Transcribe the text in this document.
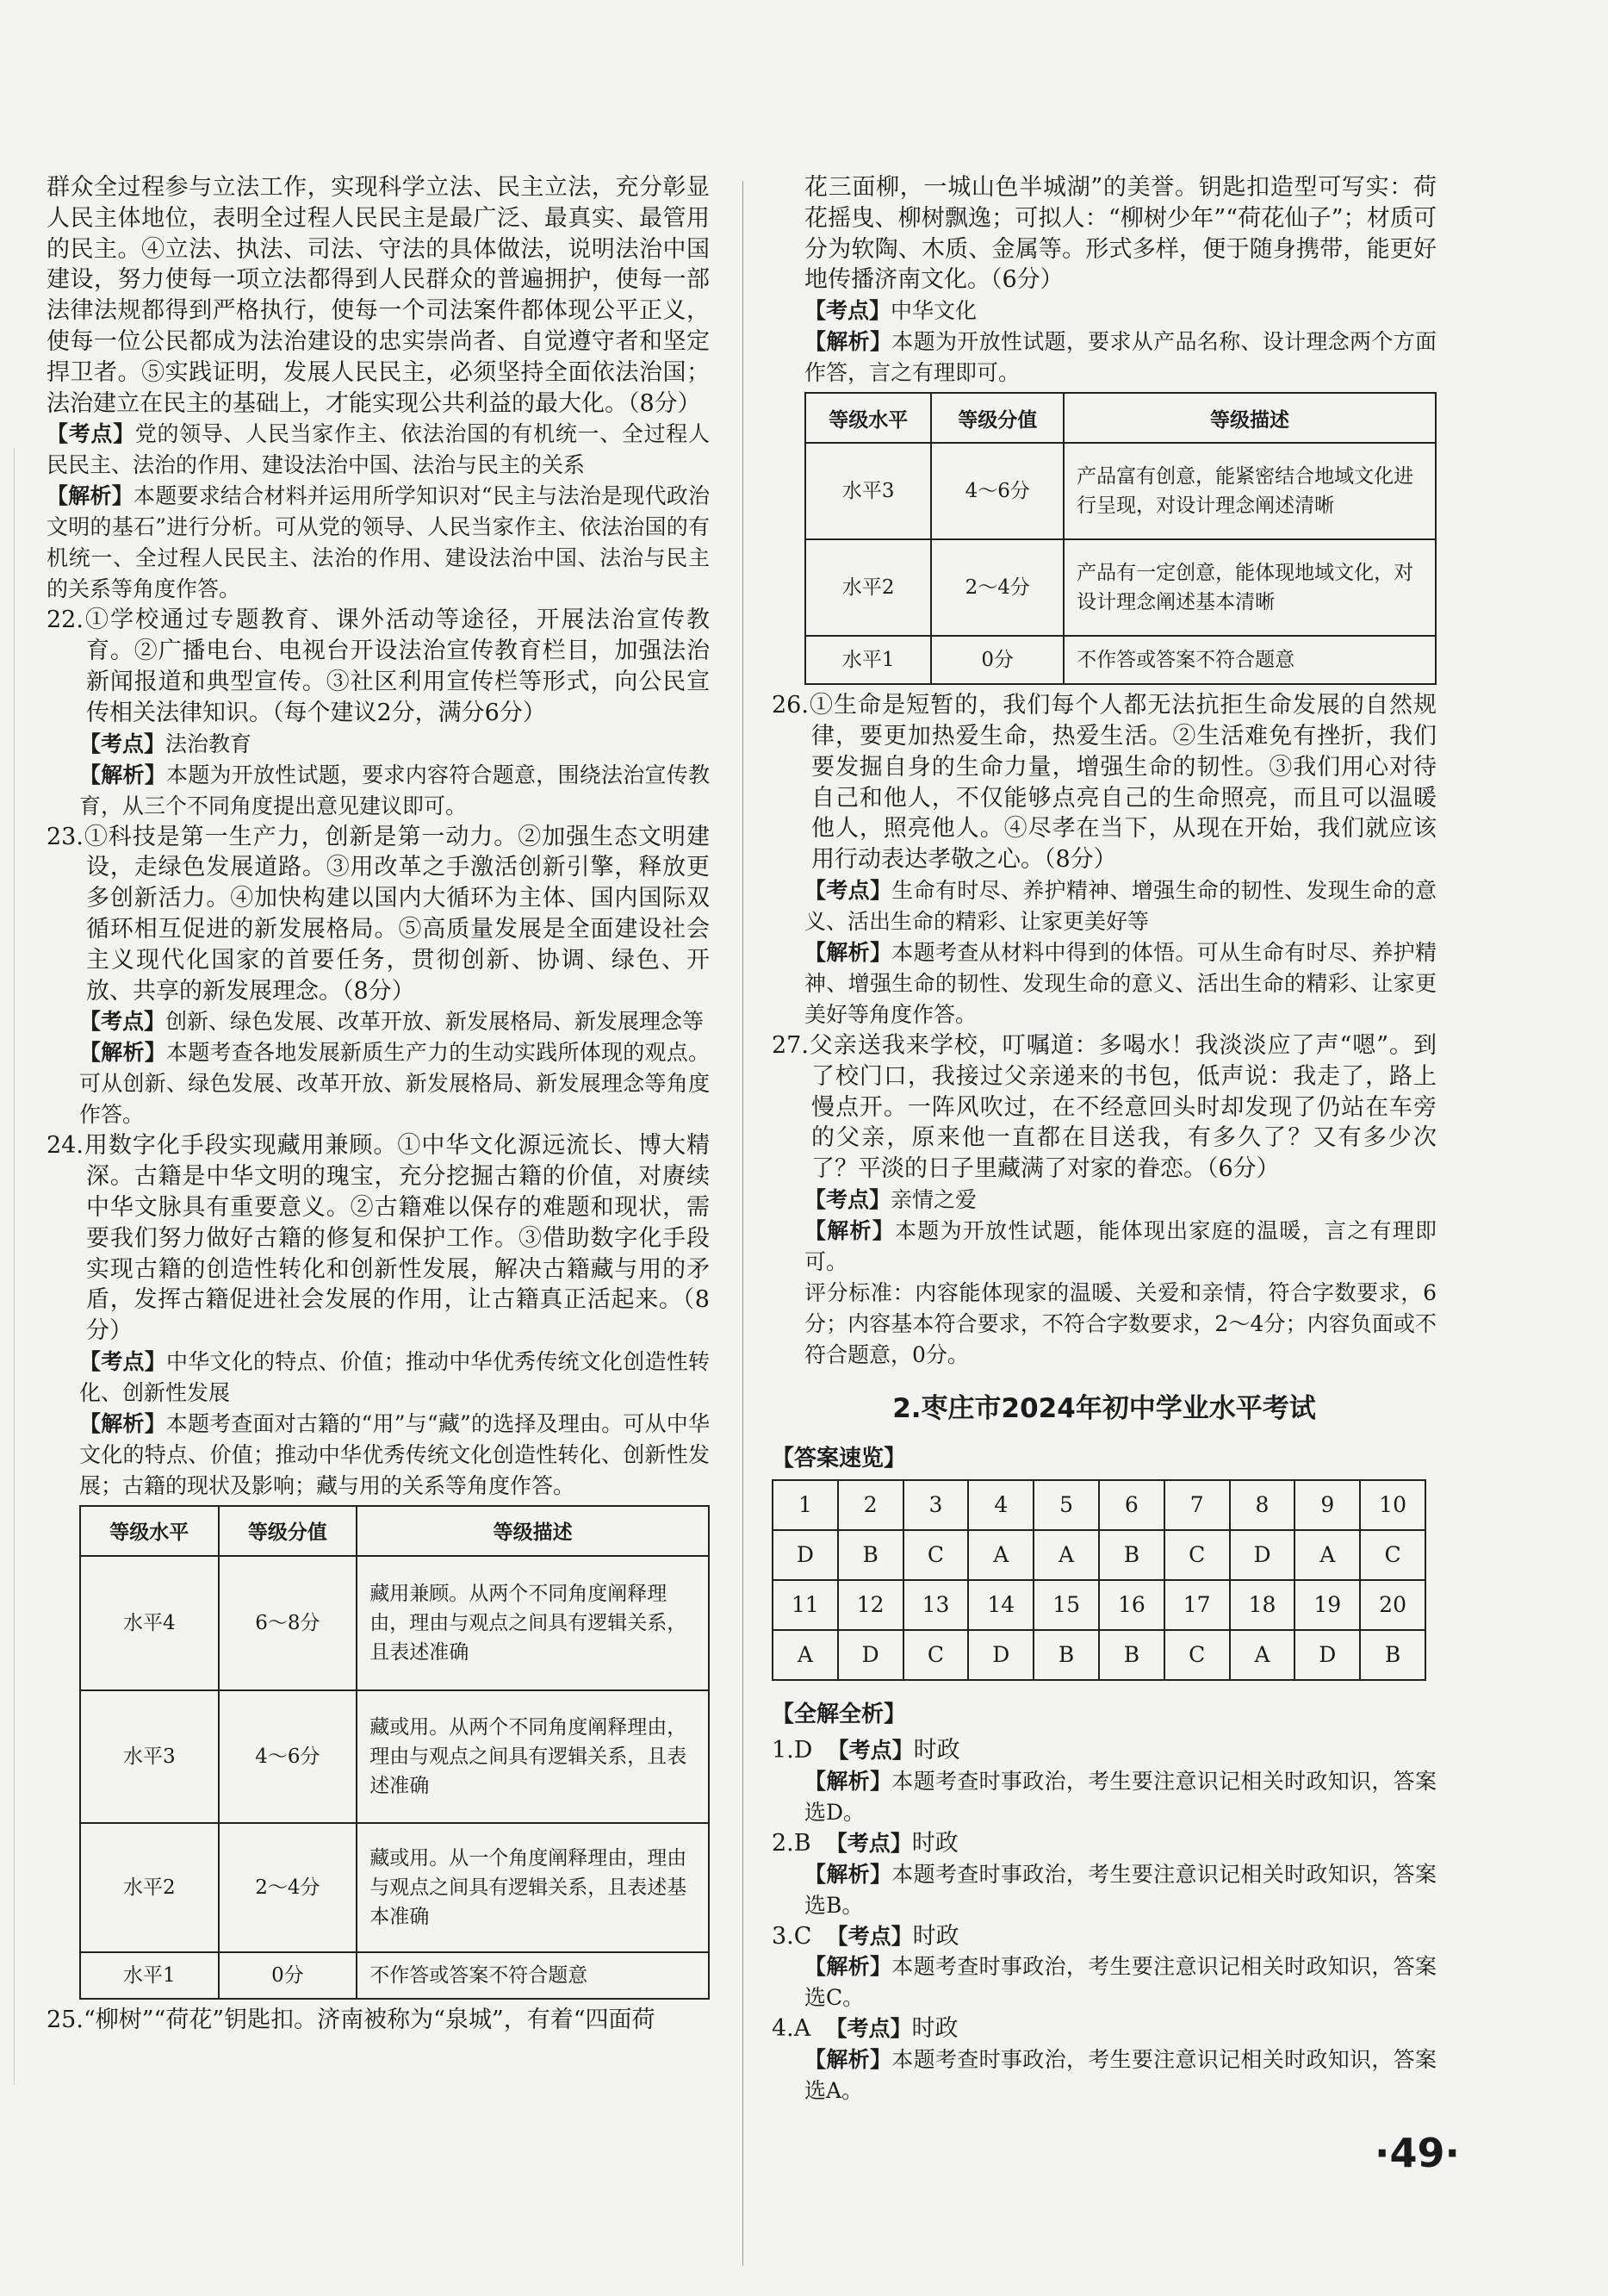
群众全过程参与立法工作，实现科学立法、民主立法，充分彰显人民主体地位，表明全过程人民民主是最广泛、最真实、最管用的民主。④立法、执法、司法、守法的具体做法，说明法治中国建设，努力使每一项立法都得到人民群众的普遍拥护，使每一部法律法规都得到严格执行，使每一个司法案件都体现公平正义，使每一位公民都成为法治建设的忠实崇尚者、自觉遵守者和坚定捍卫者。⑤实践证明，发展人民民主，必须坚持全面依法治国；法治建立在民主的基础上，才能实现公共利益的最大化。（8分）

【考点】党的领导、人民当家作主、依法治国的有机统一、全过程人民民主、法治的作用、建设法治中国、法治与民主的关系

【解析】本题要求结合材料并运用所学知识对“民主与法治是现代政治文明的基石”进行分析。可从党的领导、人民当家作主、依法治国的有机统一、全过程人民民主、法治的作用、建设法治中国、法治与民主的关系等角度作答。

22.①学校通过专题教育、课外活动等途径，开展法治宣传教育。②广播电台、电视台开设法治宣传教育栏目，加强法治新闻报道和典型宣传。③社区利用宣传栏等形式，向公民宣传相关法律知识。（每个建议2分，满分6分）

【考点】法治教育

【解析】本题为开放性试题，要求内容符合题意，围绕法治宣传教育，从三个不同角度提出意见建议即可。

23.①科技是第一生产力，创新是第一动力。②加强生态文明建设，走绿色发展道路。③用改革之手激活创新引擎，释放更多创新活力。④加快构建以国内大循环为主体、国内国际双循环相互促进的新发展格局。⑤高质量发展是全面建设社会主义现代化国家的首要任务，贯彻创新、协调、绿色、开放、共享的新发展理念。（8分）

【考点】创新、绿色发展、改革开放、新发展格局、新发展理念等

【解析】本题考查各地发展新质生产力的生动实践所体现的观点。可从创新、绿色发展、改革开放、新发展格局、新发展理念等角度作答。

24.用数字化手段实现藏用兼顾。①中华文化源远流长、博大精深。古籍是中华文明的瑰宝，充分挖掘古籍的价值，对赓续中华文脉具有重要意义。②古籍难以保存的难题和现状，需要我们努力做好古籍的修复和保护工作。③借助数字化手段实现古籍的创造性转化和创新性发展，解决古籍藏与用的矛盾，发挥古籍促进社会发展的作用，让古籍真正活起来。（8分）

【考点】中华文化的特点、价值；推动中华优秀传统文化创造性转化、创新性发展

【解析】本题考查面对古籍的“用”与“藏”的选择及理由。可从中华文化的特点、价值；推动中华优秀传统文化创造性转化、创新性发展；古籍的现状及影响；藏与用的关系等角度作答。

等级水平	等级分值	等级描述
水平4	6～8分	藏用兼顾。从两个不同角度阐释理由，理由与观点之间具有逻辑关系，且表述准确
水平3	4～6分	藏或用。从两个不同角度阐释理由，理由与观点之间具有逻辑关系，且表述准确
水平2	2～4分	藏或用。从一个角度阐释理由，理由与观点之间具有逻辑关系，且表述基本准确
水平1	0分	不作答或答案不符合题意

25.“柳树”“荷花”钥匙扣。济南被称为“泉城”，有着“四面荷

花三面柳，一城山色半城湖”的美誉。钥匙扣造型可写实：荷花摇曳、柳树飘逸；可拟人：“柳树少年”“荷花仙子”；材质可分为软陶、木质、金属等。形式多样，便于随身携带，能更好地传播济南文化。（6分）

【考点】中华文化

【解析】本题为开放性试题，要求从产品名称、设计理念两个方面作答，言之有理即可。

等级水平	等级分值	等级描述
水平3	4～6分	产品富有创意，能紧密结合地域文化进行呈现，对设计理念阐述清晰
水平2	2～4分	产品有一定创意，能体现地域文化，对设计理念阐述基本清晰
水平1	0分	不作答或答案不符合题意

26.①生命是短暂的，我们每个人都无法抗拒生命发展的自然规律，要更加热爱生命，热爱生活。②生活难免有挫折，我们要发掘自身的生命力量，增强生命的韧性。③我们用心对待自己和他人，不仅能够点亮自己的生命照亮，而且可以温暖他人，照亮他人。④尽孝在当下，从现在开始，我们就应该用行动表达孝敬之心。（8分）

【考点】生命有时尽、养护精神、增强生命的韧性、发现生命的意义、活出生命的精彩、让家更美好等

【解析】本题考查从材料中得到的体悟。可从生命有时尽、养护精神、增强生命的韧性、发现生命的意义、活出生命的精彩、让家更美好等角度作答。

27.父亲送我来学校，叮嘱道：多喝水！我淡淡应了声“嗯”。到了校门口，我接过父亲递来的书包，低声说：我走了，路上慢点开。一阵风吹过，在不经意回头时却发现了仍站在车旁的父亲，原来他一直都在目送我，有多久了？又有多少次了？平淡的日子里藏满了对家的眷恋。（6分）

【考点】亲情之爱

【解析】本题为开放性试题，能体现出家庭的温暖，言之有理即可。

评分标准：内容能体现家的温暖、关爱和亲情，符合字数要求，6分；内容基本符合要求，不符合字数要求，2～4分；内容负面或不符合题意，0分。

2.枣庄市2024年初中学业水平考试
【答案速览】
1	2	3	4	5	6	7	8	9	10
D	B	C	A	A	B	C	D	A	C
11	12	13	14	15	16	17	18	19	20
A	D	C	D	B	B	C	A	D	B
【全解全析】

1.D 【考点】时政

【解析】本题考查时事政治，考生要注意识记相关时政知识，答案选D。

2.B 【考点】时政

【解析】本题考查时事政治，考生要注意识记相关时政知识，答案选B。

3.C 【考点】时政

【解析】本题考查时事政治，考生要注意识记相关时政知识，答案选C。

4.A 【考点】时政

【解析】本题考查时事政治，考生要注意识记相关时政知识，答案选A。

·49·
